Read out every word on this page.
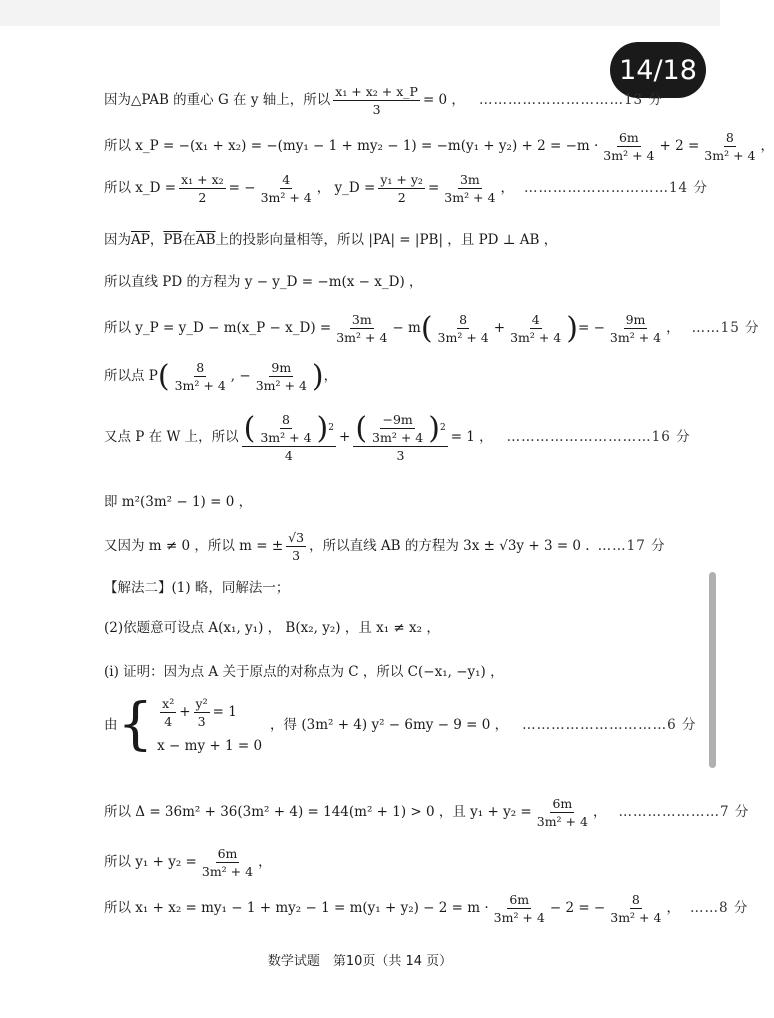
14/18
因为△PAB 的重心 G 在 y 轴上，所以 $\frac{\text{x₁ + x₂ + x\_P}}{3} = 0$ ， …………………………13 分
所以 x_P = $-(x_1 + x_2) = -(my_1 - 1 + my_2 - 1) = -m(y_1 + y_2) + 2 = -m \cdot \frac{6m}{\text{3m² + 4}} + 2 = \frac{8}{\text{3m² + 4}}$ ，
所以 x_D = $\frac{\text{x₁ + x₂}}{2}$ = − $\frac{4}{\text{3m² + 4}}$ ， y_D = $\frac{\text{y₁ + y₂}}{2} = \frac{3m}{\text{3m² + 4}}$ ， …………………………14 分
因为 $\overline{AP}$ ， $\overline{PB}$ 在 $\overline{AB}$ 上的投影向量相等，所以 |PA| = |PB| ，且 PD ⊥ AB ，
所以直线 PD 的方程为 y − y_D = −m(x − x_D) ，
所以 y_P = y_D − m(x_P − x_D) = $\frac{3m}{\text{3m² + 4}} - m$ ( $\frac{8}{\text{3m² + 4}} + \frac{4}{\text{3m² + 4}}$ ) = − $\frac{9m}{\text{3m² + 4}}$ ， ……15 分
所以点 P ( $\frac{8}{\text{3m² + 4}}$ , − $\frac{9m}{\text{3m² + 4}}$ ) ，
又点 P 在 W 上，所以 $\frac{( \frac{8}{\text{3m² + 4}} ) 2}{4} + \frac{( \frac{-9m}{\text{3m² + 4}} ) 2}{3} = 1$ ， …………………………16 分
即 m²(3m² − 1) = 0 ，
又因为 m ≠ 0 ，所以 m = ± $\frac{√3}{3}$ ，所以直线 AB 的方程为 3x ± √3y + 3 = 0 . ……17 分
【解法二】(1) 略，同解法一；
(2)依题意可设点 A(x₁, y₁) ， B(x₂, y₂) ，且 x₁ ≠ x₂ ，
(ⅰ) 证明：因为点 A 关于原点的对称点为 C ，所以 C(−x₁, −y₁) ，
由 { $\frac{\text{x²}}{4} + \frac{\text{y²}}{3} = 1$
x − my + 1 = 0
，得 (3m² + 4) y² − 6my − 9 = 0 ， …………………………6 分
所以 Δ = 36m² + 36(3m² + 4) = 144(m² + 1) > 0 ，且 $y_1 + y_2 = \frac{6m}{\text{3m² + 4}}$ ， …………………7 分
所以 $y_1 + y_2 = \frac{6m}{\text{3m² + 4}}$ ，
所以 $x_1 + x_2 = my_1 - 1 + my_2 - 1 = m(y_1 + y_2) - 2 = m \cdot \frac{6m}{\text{3m² + 4}} - 2$ = − $\frac{8}{\text{3m² + 4}}$ ， ……8 分
数学试题　第10页（共 14 页）
